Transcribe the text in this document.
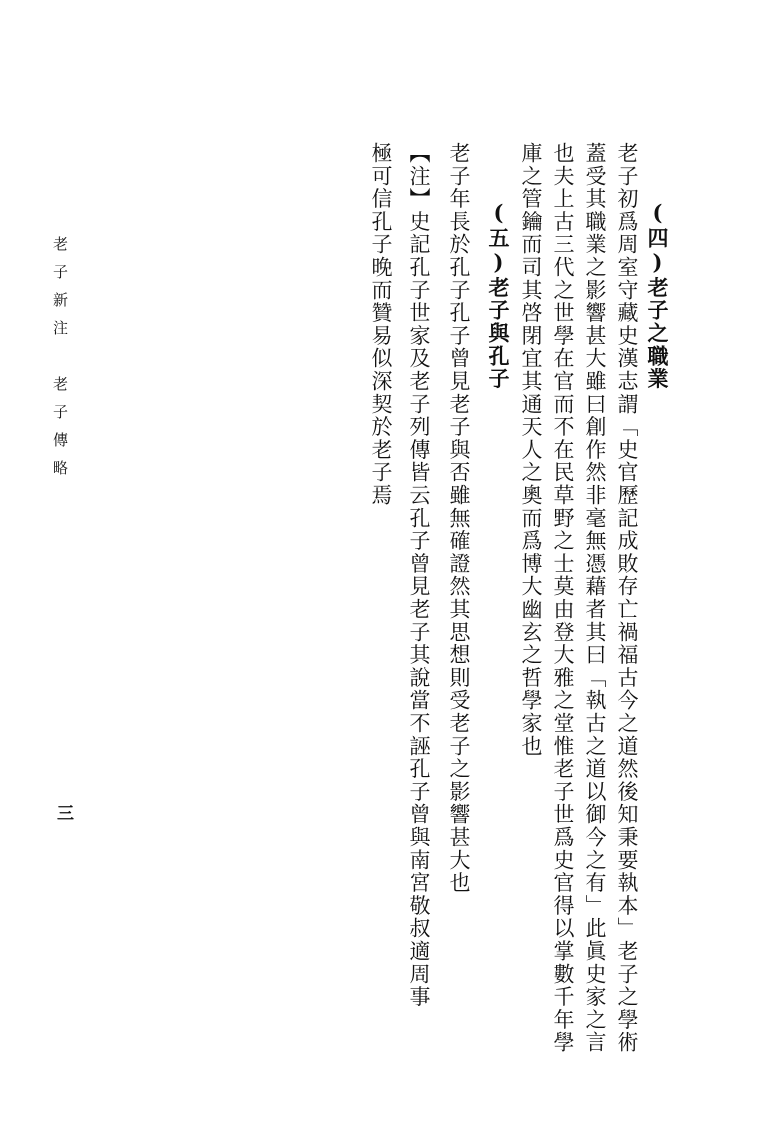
老子新注　老子傳略
三
(四)老子之職業
老子初爲周室守藏史漢志謂「史官歷記成敗存亡禍福古今之道然後知秉要執本」老子之學術
蓋受其職業之影響甚大雖曰創作然非毫無憑藉者其曰「執古之道以御今之有」此眞史家之言
也夫上古三代之世學在官而不在民草野之士莫由登大雅之堂惟老子世爲史官得以掌數千年學
庫之管鑰而司其啓閉宜其通天人之奧而爲博大幽玄之哲學家也
(五)老子與孔子
老子年長於孔子孔子曾見老子與否雖無確證然其思想則受老子之影響甚大也
【注】史記孔子世家及老子列傳皆云孔子曾見老子其說當不誣孔子曾與南宮敬叔適周事
極可信孔子晚而贊易似深契於老子焉
